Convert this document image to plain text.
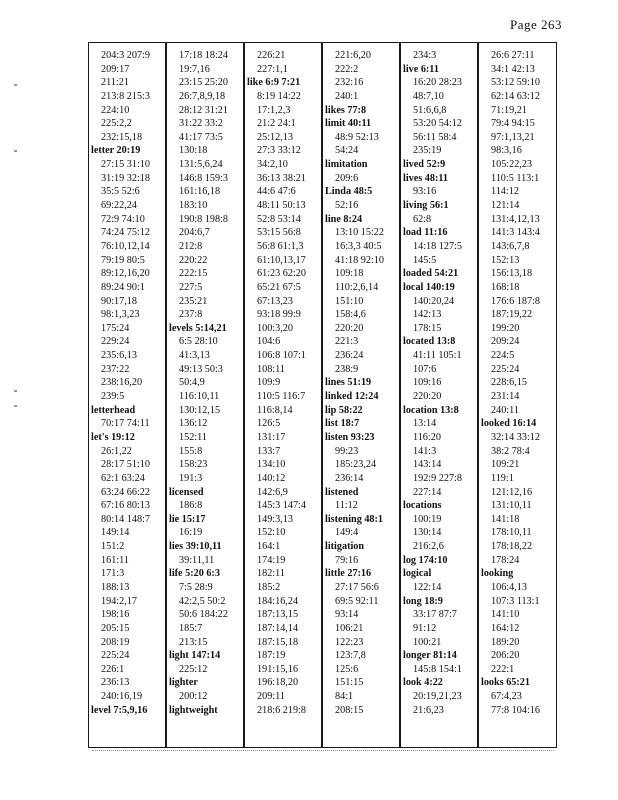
Page 263
204:3 207:9
209:17
211:21
213:8 215:3
224:10
225:2,2
232:15,18
letter 20:19
27:15 31:10
31:19 32:18
35:5 52:6
69:22,24
72:9 74:10
74:24 75:12
76:10,12,14
79:19 80:5
89:12,16,20
89:24 90:1
90:17,18
98:1,3,23
175:24
229:24
235:6,13
237:22
238:16,20
239:5
letterhead
70:17 74:11
let's 19:12
26:1,22
28:17 51:10
62:1 63:24
63:24 66:22
67:16 80:13
80:14 148:7
149:14
151:2
161:11
171:3
188:13
194:2,17
198:16
205:15
208:19
225:24
226:1
236:13
240:16,19
level 7:5,9,16
17:18 18:24
19:7,16
23:15 25:20
26:7,8,9,18
28:12 31:21
31:22 33:2
41:17 73:5
130:18
131:5,6,24
146:8 159:3
161:16,18
183:10
190:8 198:8
204:6,7
212:8
220:22
222:15
227:5
235:21
237:8
levels 5:14,21
6:5 28:10
41:3,13
49:13 50:3
50:4,9
116:10,11
130:12,15
136:12
152:11
155:8
158:23
191:3
licensed
186:8
lie 15:17
16:19
lies 39:10,11
39:11,11
life 5:20 6:3
7:5 28:9
42:2,5 50:2
50:6 184:22
185:7
213:15
light 147:14
225:12
lighter
200:12
lightweight
226:21
227:1,1
like 6:9 7:21
8:19 14:22
17:1,2,3
21:2 24:1
25:12,13
27:3 33:12
34:2,10
36:13 38:21
44:6 47:6
48:11 50:13
52:8 53:14
53:15 56:8
56:8 61:1,3
61:10,13,17
61:23 62:20
65:21 67:5
67:13,23
93:18 99:9
100:3,20
104:6
106:8 107:1
108:11
109:9
110:5 116:7
116:8,14
126:5
131:17
133:7
134:10
140:12
142:6,9
145:3 147:4
149:3,13
152:10
164:1
174:19
182:11
185:2
184:16,24
187:13,15
187:14,14
187:15,18
187:19
191:15,16
196:18,20
209:11
218:6 219:8
221:6,20
222:2
232:16
240:1
likes 77:8
limit 40:11
48:9 52:13
54:24
limitation
209:6
Linda 48:5
52:16
line 8:24
13:10 15:22
16:3,3 40:5
41:18 92:10
109:18
110:2,6,14
151:10
158:4,6
220:20
221:3
236:24
238:9
lines 51:19
linked 12:24
lip 58:22
list 18:7
listen 93:23
99:23
185:23,24
236:14
listened
11:12
listening 48:1
149:4
litigation
79:16
little 27:16
27:17 56:6
69:5 92:11
93:14
106:21
122:23
123:7,8
125:6
151:15
84:1
208:15
234:3
live 6:11
16:20 28:23
48:7,10
51:6,6,8
53:20 54:12
56:11 58:4
235:19
lived 52:9
lives 48:11
93:16
living 56:1
62:8
load 11:16
14:18 127:5
145:5
loaded 54:21
local 140:19
140:20,24
142:13
178:15
located 13:8
41:11 105:1
107:6
109:16
220:20
location 13:8
13:14
116:20
141:3
143:14
192:9 227:8
227:14
locations
100:19
130:14
216:2,6
log 174:10
logical
122:14
long 18:9
33:17 87:7
91:12
100:21
longer 81:14
145:8 154:1
look 4:22
20:19,21,23
21:6,23
26:6 27:11
34:1 42:13
53:12 59:10
62:14 63:12
71:19,21
79:4 94:15
97:1,13,21
98:3,16
105:22,23
110:5 113:1
114:12
121:14
131:4,12,13
141:3 143:4
143:6,7,8
152:13
156:13,18
168:18
176:6 187:8
187:19,22
199:20
209:24
224:5
225:24
228:6,15
231:14
240:11
looked 16:14
32:14 33:12
38:2 78:4
109:21
119:1
121:12,16
131:10,11
141:18
178:10,11
178:18,22
178:24
looking
106:4,13
107:3 113:1
141:10
164:12
189:20
206:20
222:1
looks 65:21
67:4,23
77:8 104:16
